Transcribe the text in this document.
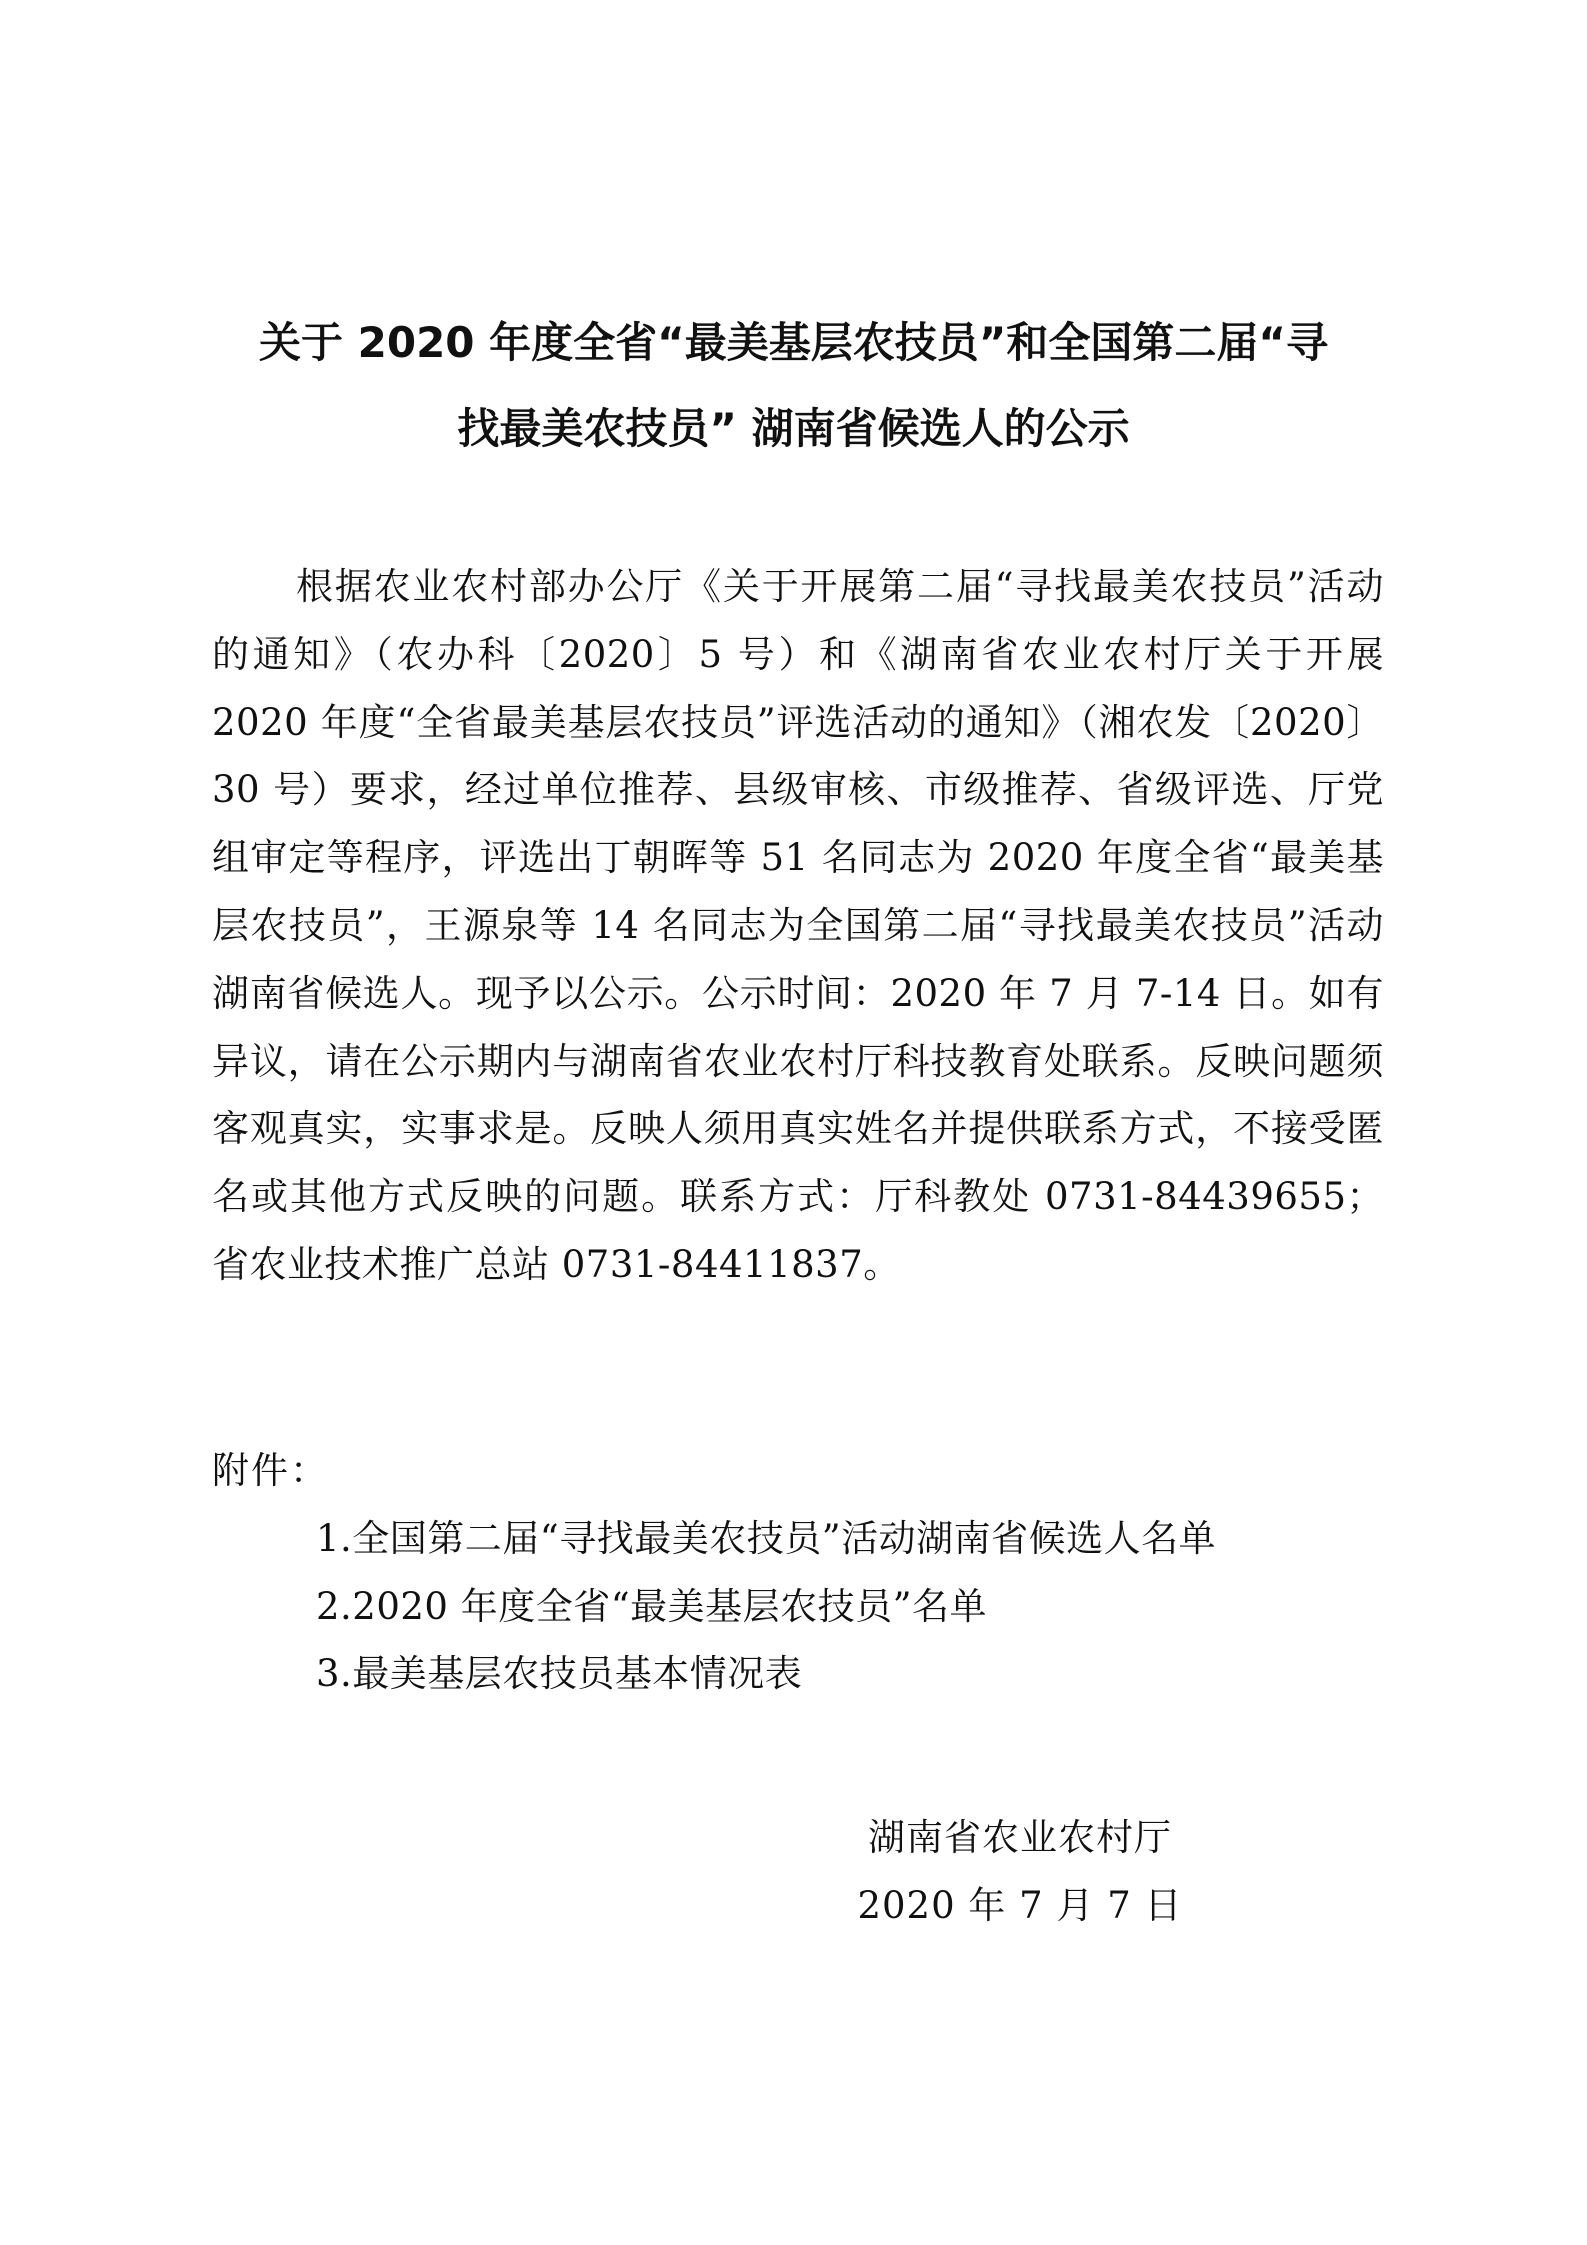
关于 2020 年度全省“最美基层农技员”和全国第二届“寻
找最美农技员” 湖南省候选人的公示

根据农业农村部办公厅《关于开展第二届“寻找最美农技员”活动的通知》（农办科〔2020〕5 号）和《湖南省农业农村厅关于开展 2020 年度“全省最美基层农技员”评选活动的通知》（湘农发〔2020〕30 号）要求，经过单位推荐、县级审核、市级推荐、省级评选、厅党组审定等程序，评选出丁朝晖等 51 名同志为 2020 年度全省“最美基层农技员”，王源泉等 14 名同志为全国第二届“寻找最美农技员”活动湖南省候选人。现予以公示。公示时间：2020 年 7 月 7-14 日。如有异议，请在公示期内与湖南省农业农村厅科技教育处联系。反映问题须客观真实，实事求是。反映人须用真实姓名并提供联系方式，不接受匿名或其他方式反映的问题。联系方式：厅科教处 0731-84439655；省农业技术推广总站 0731-84411837。

附件：

1.全国第二届“寻找最美农技员”活动湖南省候选人名单
2.2020 年度全省“最美基层农技员”名单
3.最美基层农技员基本情况表
湖南省农业农村厅
2020 年 7 月 7 日
